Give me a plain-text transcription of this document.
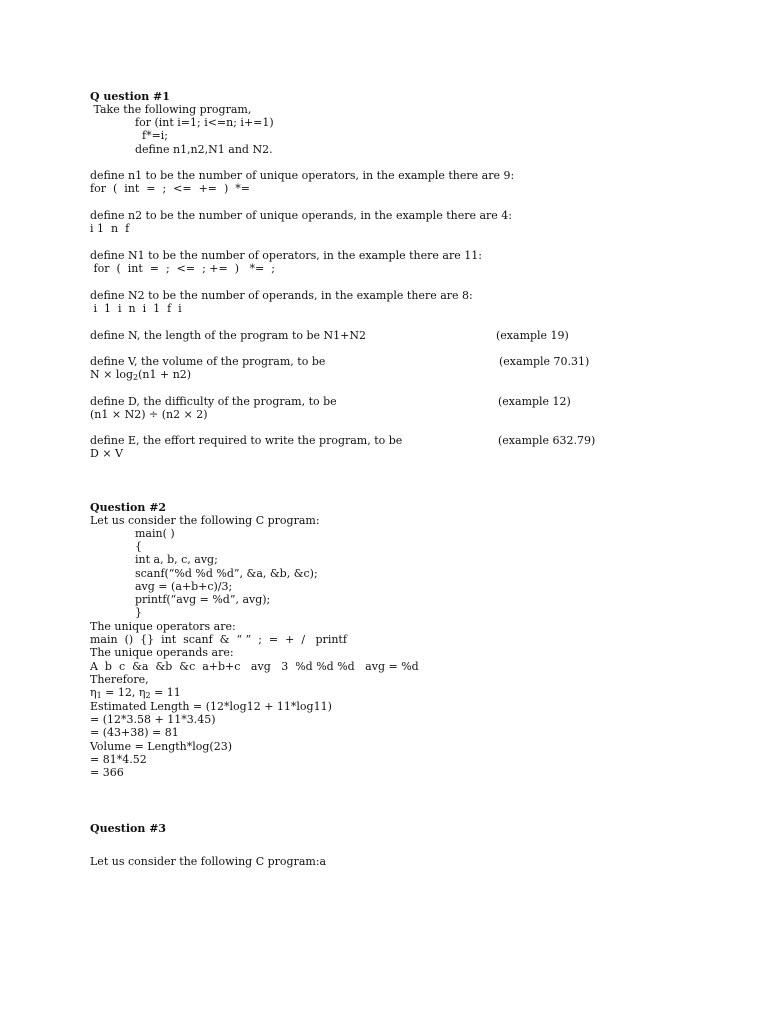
Q uestion #1
Take the following program,
for (int i=1; i<=n; i+=1)
f*=i;
define n1,n2,N1 and N2.
define n1 to be the number of unique operators, in the example there are 9:
for  (  int  =  ;  <=  +=  )  *=
define n2 to be the number of unique operands, in the example there are 4:
i 1  n  f
define N1 to be the number of operators, in the example there are 11:
for  (  int  =  ;  <=  ; +=  )   *=  ;
define N2 to be the number of operands, in the example there are 8:
i  1  i  n  i  1  f  i
define N, the length of the program to be N1+N2	(example 19)
define V, the volume of the program, to be	(example 70.31)
$N \times \log_2(n1 + n2)$
define D, the difficulty of the program, to be	(example 12)
(n1 × N2) ÷ (n2 × 2)
define E, the effort required to write the program, to be	(example 632.79)
D × V
Question #2
Let us consider the following C program:
main( )
{
int a, b, c, avg;
scanf(“%d %d %d”, &a, &b, &c);
avg = (a+b+c)/3;
printf(“avg = %d”, avg);
}
The unique operators are:
main  ()  {}  int  scanf  &  “ ”  ;  =  +  /   printf
The unique operands are:
A  b  c  &a  &b  &c  a+b+c   avg   3  %d %d %d   avg = %d
Therefore,
$\eta_1 = 12$, $\eta_2 = 11$
Estimated Length = (12*log12 + 11*log11)
= (12*3.58 + 11*3.45)
= (43+38) = 81
Volume = Length*log(23)
= 81*4.52
= 366
Question #3
Let us consider the following C program:a
